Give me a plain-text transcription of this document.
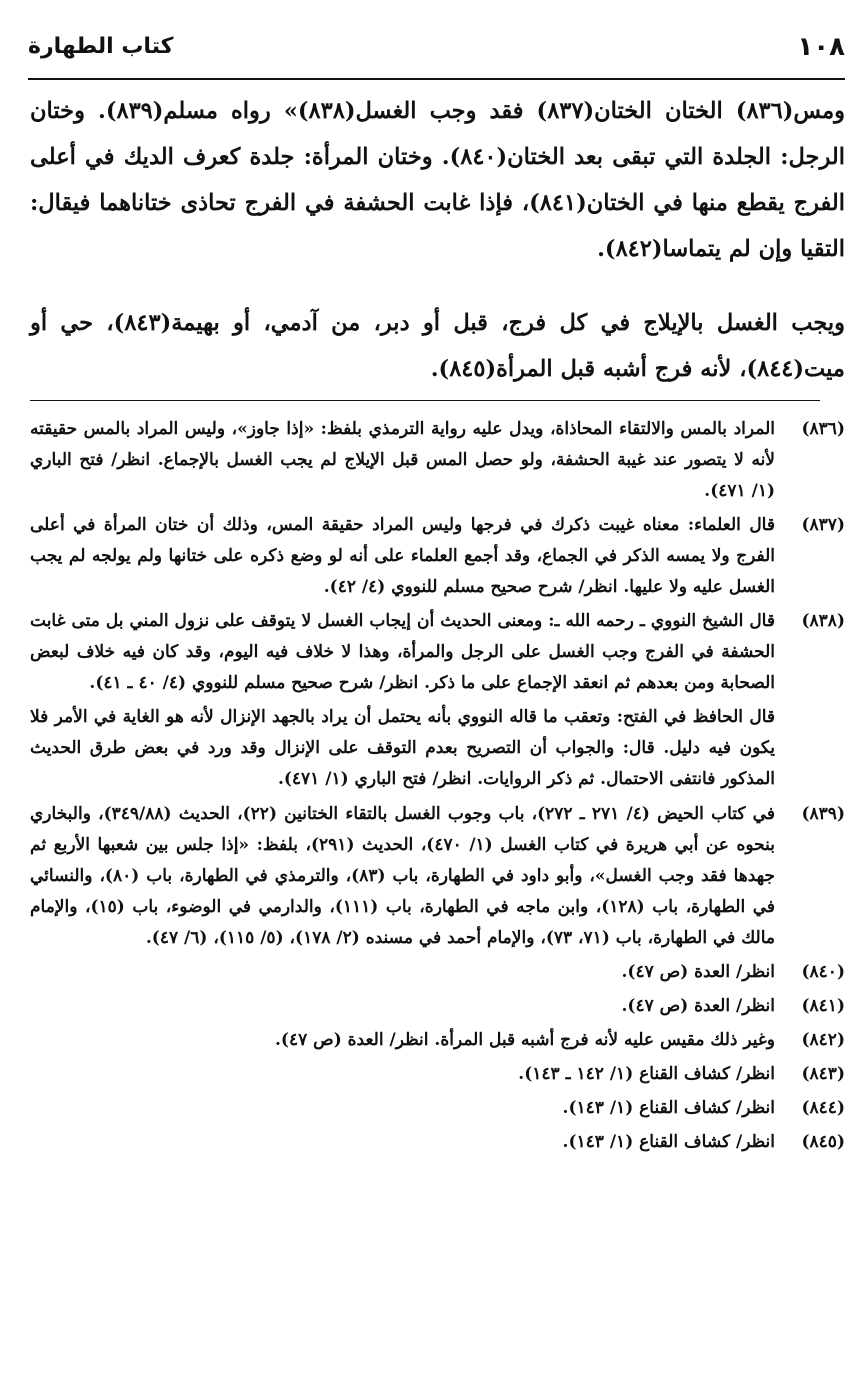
١٠٨
كتاب الطهارة

ومس(٨٣٦) الختان الختان(٨٣٧) فقد وجب الغسل(٨٣٨)» رواه مسلم(٨٣٩). وختان الرجل: الجلدة التي تبقى بعد الختان(٨٤٠). وختان المرأة: جلدة كعرف الديك في أعلى الفرج يقطع منها في الختان(٨٤١)، فإذا غابت الحشفة في الفرج تحاذى ختاناهما فيقال: التقيا وإن لم يتماسا(٨٤٢).

ويجب الغسل بالإيلاج في كل فرج، قبل أو دبر، من آدمي، أو بهيمة(٨٤٣)، حي أو ميت(٨٤٤)، لأنه فرج أشبه قبل المرأة(٨٤٥).

(٨٣٦)
المراد بالمس والالتقاء المحاذاة، ويدل عليه رواية الترمذي بلفظ: «إذا جاوز»، وليس المراد بالمس حقيقته لأنه لا يتصور عند غيبة الحشفة، ولو حصل المس قبل الإيلاج لم يجب الغسل بالإجماع. انظر/ فتح الباري (١/ ٤٧١).
(٨٣٧)
قال العلماء: معناه غيبت ذكرك في فرجها وليس المراد حقيقة المس، وذلك أن ختان المرأة في أعلى الفرج ولا يمسه الذكر في الجماع، وقد أجمع العلماء على أنه لو وضع ذكره على ختانها ولم يولجه لم يجب الغسل عليه ولا عليها. انظر/ شرح صحيح مسلم للنووي (٤/ ٤٢).
(٨٣٨)
قال الشيخ النووي ـ رحمه الله ـ: ومعنى الحديث أن إيجاب الغسل لا يتوقف على نزول المني بل متى غابت الحشفة في الفرج وجب الغسل على الرجل والمرأة، وهذا لا خلاف فيه اليوم، وقد كان فيه خلاف لبعض الصحابة ومن بعدهم ثم انعقد الإجماع على ما ذكر. انظر/ شرح صحيح مسلم للنووي (٤/ ٤٠ ـ ٤١).
قال الحافظ في الفتح: وتعقب ما قاله النووي بأنه يحتمل أن يراد بالجهد الإنزال لأنه هو الغاية في الأمر فلا يكون فيه دليل. قال: والجواب أن التصريح بعدم التوقف على الإنزال وقد ورد في بعض طرق الحديث المذكور فانتفى الاحتمال. ثم ذكر الروايات. انظر/ فتح الباري (١/ ٤٧١).
(٨٣٩)
في كتاب الحيض (٤/ ٢٧١ ـ ٢٧٢)، باب وجوب الغسل بالتقاء الختانين (٢٢)، الحديث (٣٤٩/٨٨)، والبخاري بنحوه عن أبي هريرة في كتاب الغسل (١/ ٤٧٠)، الحديث (٢٩١)، بلفظ: «إذا جلس بين شعبها الأربع ثم جهدها فقد وجب الغسل»، وأبو داود في الطهارة، باب (٨٣)، والترمذي في الطهارة، باب (٨٠)، والنسائي في الطهارة، باب (١٢٨)، وابن ماجه في الطهارة، باب (١١١)، والدارمي في الوضوء، باب (١٥)، والإمام مالك في الطهارة، باب (٧١، ٧٣)، والإمام أحمد في مسنده (٢/ ١٧٨)، (٥/ ١١٥)، (٦/ ٤٧).
(٨٤٠)
انظر/ العدة (ص ٤٧).
(٨٤١)
انظر/ العدة (ص ٤٧).
(٨٤٢)
وغير ذلك مقيس عليه لأنه فرج أشبه قبل المرأة. انظر/ العدة (ص ٤٧).
(٨٤٣)
انظر/ كشاف القناع (١/ ١٤٢ ـ ١٤٣).
(٨٤٤)
انظر/ كشاف القناع (١/ ١٤٣).
(٨٤٥)
انظر/ كشاف القناع (١/ ١٤٣).
